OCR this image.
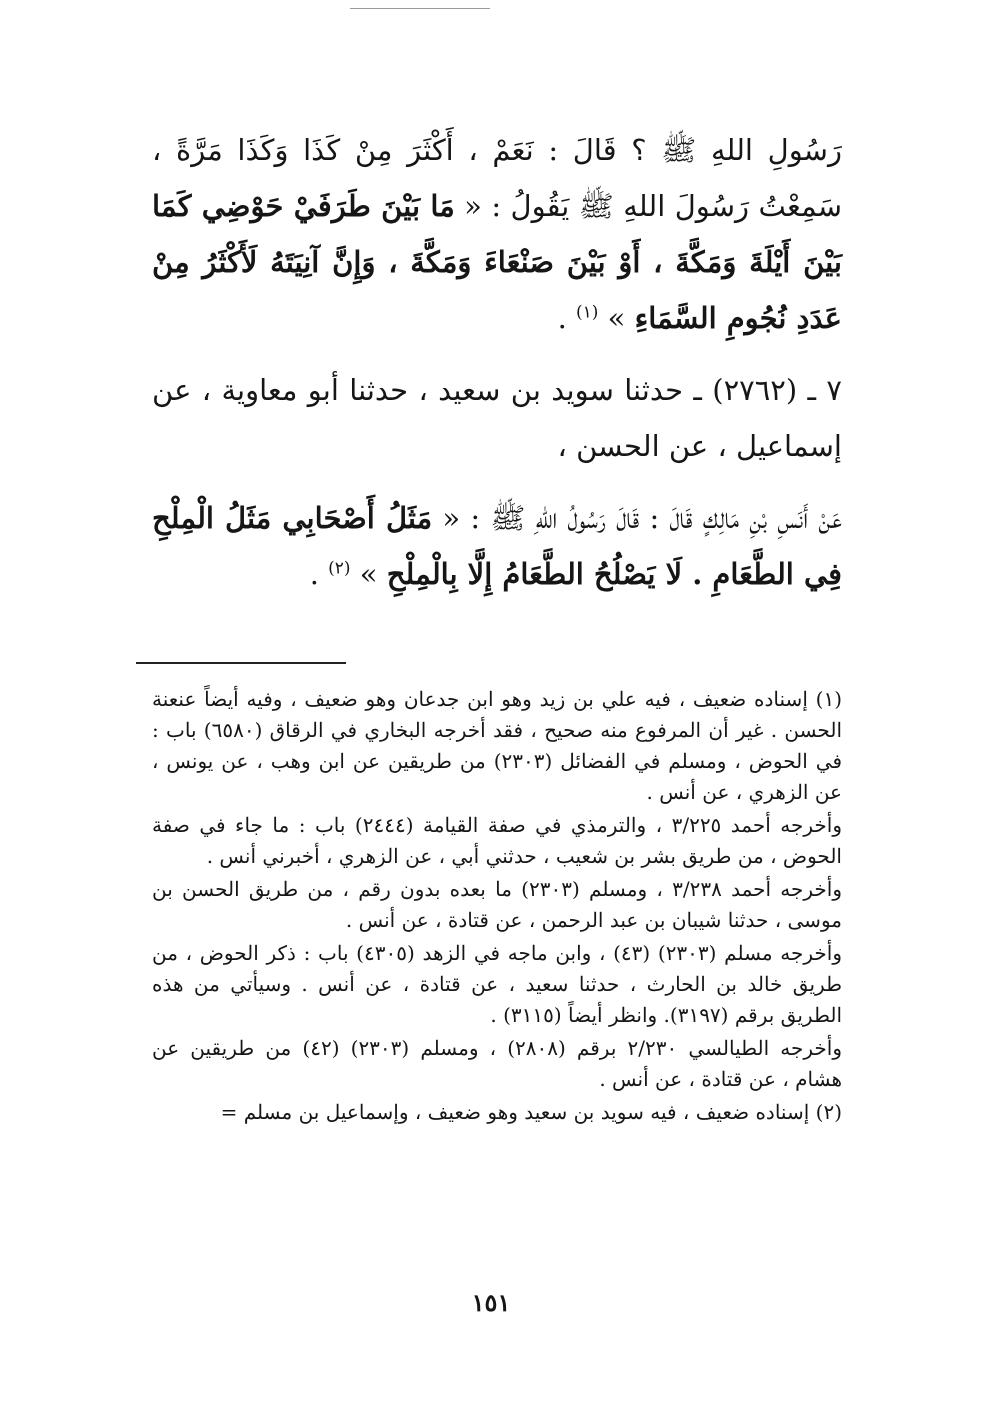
رَسُولِ اللهِ ﷺ ؟ قَالَ : نَعَمْ ، أَكْثَرَ مِنْ كَذَا وَكَذَا مَرَّةً ، سَمِعْتُ رَسُولَ اللهِ ﷺ يَقُولُ : « مَا بَيْنَ طَرَفَيْ حَوْضِي كَمَا بَيْنَ أَيْلَةَ وَمَكَّةَ ، أَوْ بَيْنَ صَنْعَاءَ وَمَكَّةَ ، وَإِنَّ آنِيَتَهُ لَأَكْثَرُ مِنْ عَدَدِ نُجُومِ السَّمَاءِ » $^{(١)}$ .

٧ ـ (٢٧٦٢) ـ حدثنا سويد بن سعيد ، حدثنا أبو معاوية ، عن إسماعيل ، عن الحسن ،

عَنْ أَنَسِ بْنِ مَالِكٍ قَالَ : قَالَ رَسُولُ اللهِ ﷺ : « مَثَلُ أَصْحَابِي مَثَلُ الْمِلْحِ فِي الطَّعَامِ . لَا يَصْلُحُ الطَّعَامُ إِلَّا بِالْمِلْحِ » $^{(٢)}$ .

(١) إسناده ضعيف ، فيه علي بن زيد وهو ابن جدعان وهو ضعيف ، وفيه أيضاً عنعنة الحسن . غير أن المرفوع منه صحيح ، فقد أخرجه البخاري في الرقاق (٦٥٨٠) باب : في الحوض ، ومسلم في الفضائل (٢٣٠٣) من طريقين عن ابن وهب ، عن يونس ، عن الزهري ، عن أنس .

وأخرجه أحمد ٣/٢٢٥ ، والترمذي في صفة القيامة (٢٤٤٤) باب : ما جاء في صفة الحوض ، من طريق بشر بن شعيب ، حدثني أبي ، عن الزهري ، أخبرني أنس .

وأخرجه أحمد ٣/٢٣٨ ، ومسلم (٢٣٠٣) ما بعده بدون رقم ، من طريق الحسن بن موسى ، حدثنا شيبان بن عبد الرحمن ، عن قتادة ، عن أنس .

وأخرجه مسلم (٢٣٠٣) (٤٣) ، وابن ماجه في الزهد (٤٣٠٥) باب : ذكر الحوض ، من طريق خالد بن الحارث ، حدثنا سعيد ، عن قتادة ، عن أنس . وسيأتي من هذه الطريق برقم (٣١٩٧). وانظر أيضاً (٣١١٥) .

وأخرجه الطيالسي ٢/٢٣٠ برقم (٢٨٠٨) ، ومسلم (٢٣٠٣) (٤٢) من طريقين عن هشام ، عن قتادة ، عن أنس .

(٢) إسناده ضعيف ، فيه سويد بن سعيد وهو ضعيف ، وإسماعيل بن مسلم =

١٥١
